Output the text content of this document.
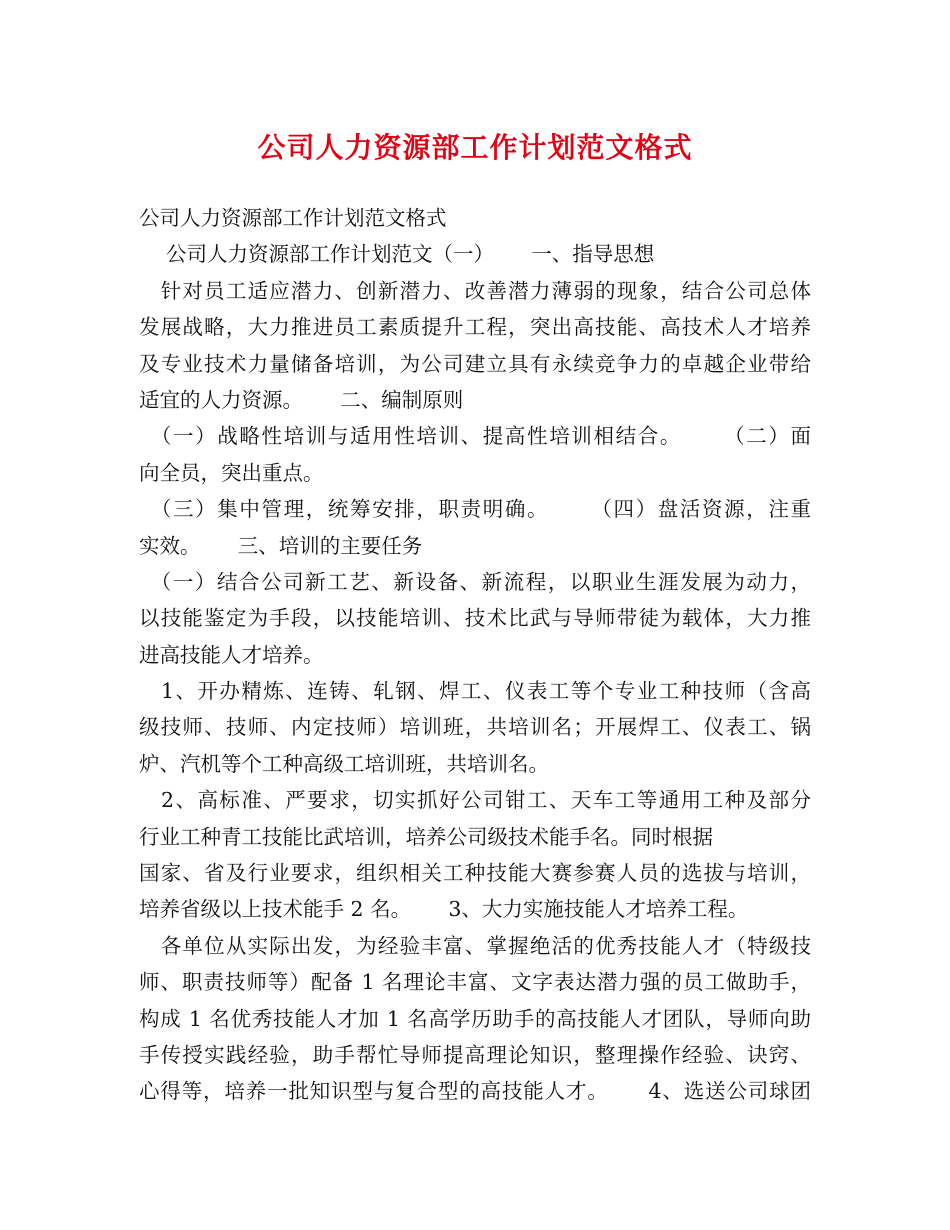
公司人力资源部工作计划范文格式
公司人力资源部工作计划范文格式
　 公司人力资源部工作计划范文（一）　　 一、指导思想
　针对员工适应潜力、创新潜力、改善潜力薄弱的现象，结合公司总体
发展战略，大力推进员工素质提升工程，突出高技能、高技术人才培养
及专业技术力量储备培训，为公司建立具有永续竞争力的卓越企业带给
适宜的人力资源。　　 二、编制原则
　（一）战略性培训与适用性培训、提高性培训相结合。　　 （二）面
向全员，突出重点。
　（三）集中管理，统筹安排，职责明确。　　 （四）盘活资源，注重
实效。　　 三、培训的主要任务
　（一）结合公司新工艺、新设备、新流程，以职业生涯发展为动力，
以技能鉴定为手段，以技能培训、技术比武与导师带徒为载体，大力推
进高技能人才培养。
　1、开办精炼、连铸、轧钢、焊工、仪表工等个专业工种技师（含高
级技师、技师、内定技师）培训班，共培训名；开展焊工、仪表工、锅
炉、汽机等个工种高级工培训班，共培训名。
　2、高标准、严要求，切实抓好公司钳工、天车工等通用工种及部分
行业工种青工技能比武培训，培养公司级技术能手名。同时根据
国家、省及行业要求，组织相关工种技能大赛参赛人员的选拔与培训，
培养省级以上技术能手 2 名。　　 3、大力实施技能人才培养工程。
　各单位从实际出发，为经验丰富、掌握绝活的优秀技能人才（特级技
师、职责技师等）配备 1 名理论丰富、文字表达潜力强的员工做助手，
构成 1 名优秀技能人才加 1 名高学历助手的高技能人才团队，导师向助
手传授实践经验，助手帮忙导师提高理论知识，整理操作经验、诀窍、
心得等，培养一批知识型与复合型的高技能人才。　　 4、选送公司球团
